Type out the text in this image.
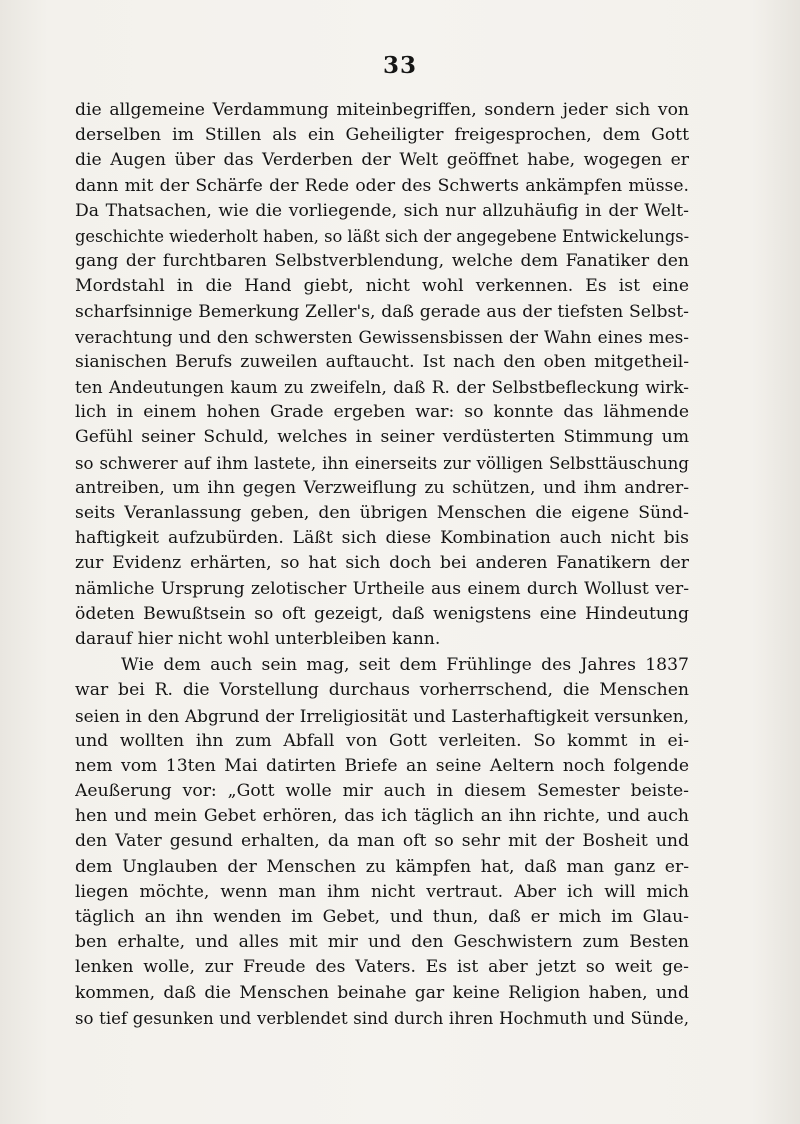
33
die allgemeine Verdammung miteinbegriffen, sondern jeder sich von
derselben im Stillen als ein Geheiligter freigesprochen, dem Gott
die Augen über das Verderben der Welt geöffnet habe, wogegen er
dann mit der Schärfe der Rede oder des Schwerts ankämpfen müsse.
Da Thatsachen, wie die vorliegende, sich nur allzuhäufig in der Welt-
geschichte wiederholt haben, so läßt sich der angegebene Entwickelungs-
gang der furchtbaren Selbstverblendung, welche dem Fanatiker den
Mordstahl in die Hand giebt, nicht wohl verkennen. Es ist eine
scharfsinnige Bemerkung Zeller's, daß gerade aus der tiefsten Selbst-
verachtung und den schwersten Gewissensbissen der Wahn eines mes-
sianischen Berufs zuweilen auftaucht. Ist nach den oben mitgetheil-
ten Andeutungen kaum zu zweifeln, daß R. der Selbstbefleckung wirk-
lich in einem hohen Grade ergeben war: so konnte das lähmende
Gefühl seiner Schuld, welches in seiner verdüsterten Stimmung um
so schwerer auf ihm lastete, ihn einerseits zur völligen Selbsttäuschung
antreiben, um ihn gegen Verzweiflung zu schützen, und ihm andrer-
seits Veranlassung geben, den übrigen Menschen die eigene Sünd-
haftigkeit aufzubürden. Läßt sich diese Kombination auch nicht bis
zur Evidenz erhärten, so hat sich doch bei anderen Fanatikern der
nämliche Ursprung zelotischer Urtheile aus einem durch Wollust ver-
ödeten Bewußtsein so oft gezeigt, daß wenigstens eine Hindeutung
darauf hier nicht wohl unterbleiben kann.
Wie dem auch sein mag, seit dem Frühlinge des Jahres 1837
war bei R. die Vorstellung durchaus vorherrschend, die Menschen
seien in den Abgrund der Irreligiosität und Lasterhaftigkeit versunken,
und wollten ihn zum Abfall von Gott verleiten. So kommt in ei-
nem vom 13ten Mai datirten Briefe an seine Aeltern noch folgende
Aeußerung vor: „Gott wolle mir auch in diesem Semester beiste-
hen und mein Gebet erhören, das ich täglich an ihn richte, und auch
den Vater gesund erhalten, da man oft so sehr mit der Bosheit und
dem Unglauben der Menschen zu kämpfen hat, daß man ganz er-
liegen möchte, wenn man ihm nicht vertraut. Aber ich will mich
täglich an ihn wenden im Gebet, und thun, daß er mich im Glau-
ben erhalte, und alles mit mir und den Geschwistern zum Besten
lenken wolle, zur Freude des Vaters. Es ist aber jetzt so weit ge-
kommen, daß die Menschen beinahe gar keine Religion haben, und
so tief gesunken und verblendet sind durch ihren Hochmuth und Sünde,
